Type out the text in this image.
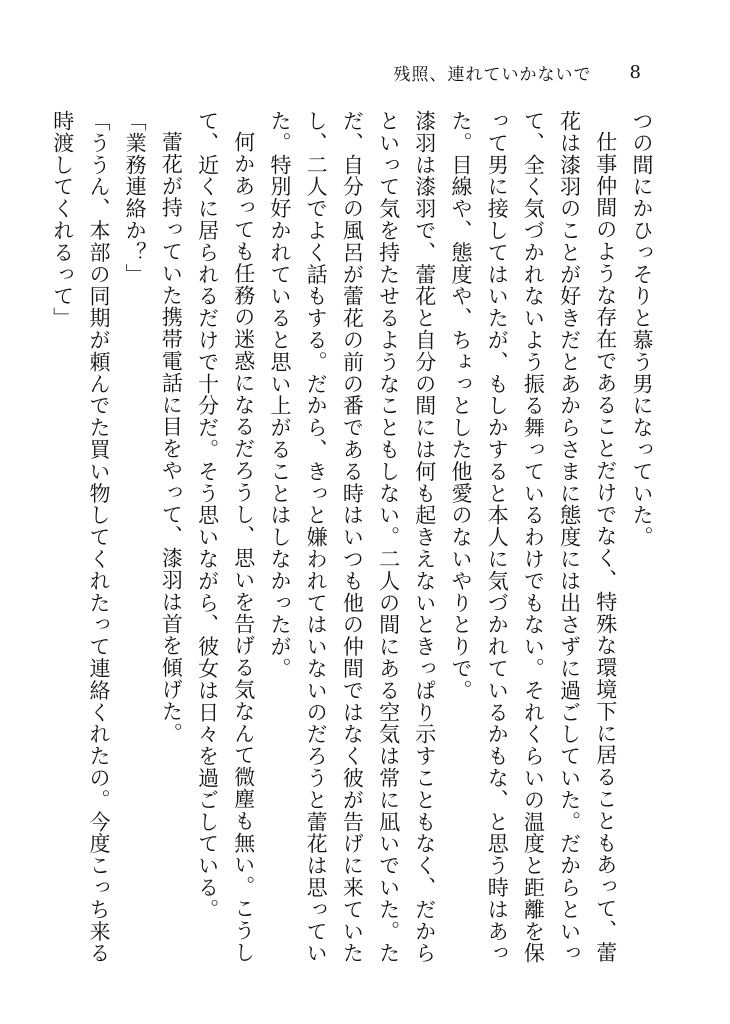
残照、連れていかないで 8

つの間にかひっそりと慕う男になっていた。

仕事仲間のような存在であることだけでなく、特殊な環境下に居ることもあって、蕾花は漆羽のことが好きだとあからさまに態度には出さずに過ごしていた。だからといって、全く気づかれないよう振る舞っているわけでもない。それくらいの温度と距離を保って男に接してはいたが、もしかすると本人に気づかれているかもな、と思う時はあった。目線や、態度や、ちょっとした他愛のないやりとりで。

漆羽は漆羽で、蕾花と自分の間には何も起きえないときっぱり示すこともなく、だからといって気を持たせるようなこともしない。二人の間にある空気は常に凪いでいた。ただ、自分の風呂が蕾花の前の番である時はいつも他の仲間ではなく彼が告げに来ていたし、二人でよく話もする。だから、きっと嫌われてはいないのだろうと蕾花は思っていた。特別好かれていると思い上がることはしなかったが。

何かあっても任務の迷惑になるだろうし、思いを告げる気なんて微塵も無い。こうして、近くに居られるだけで十分だ。そう思いながら、彼女は日々を過ごしている。

蕾花が持っていた携帯電話に目をやって、漆羽は首を傾げた。

「業務連絡か？」

「ううん、本部の同期が頼んでた買い物してくれたって連絡くれたの。今度こっち来る時渡してくれるって」
